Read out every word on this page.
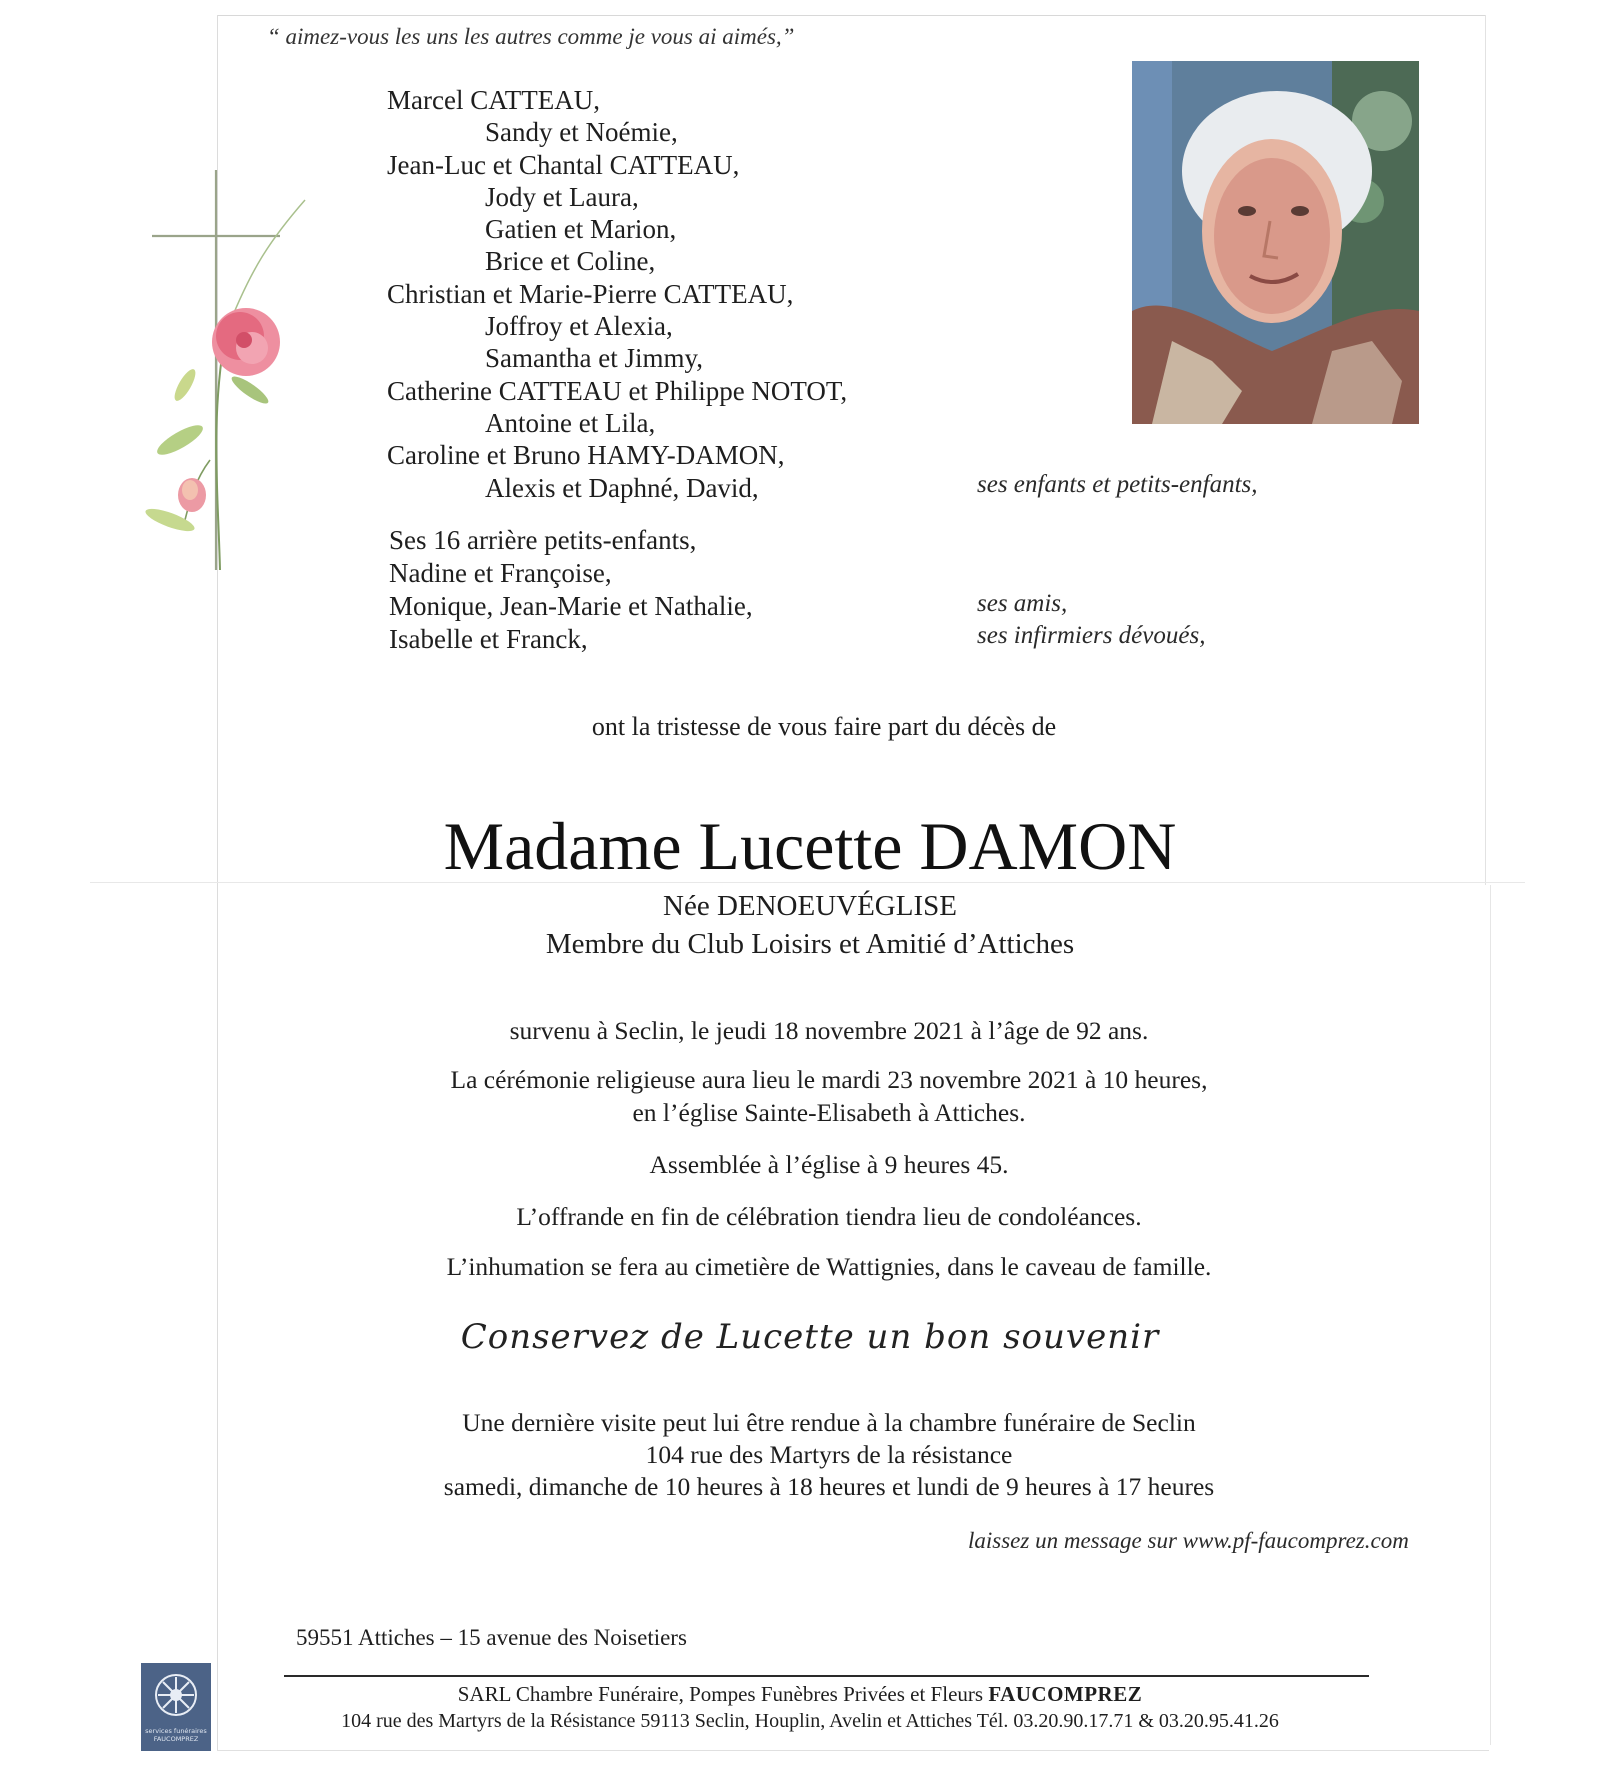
“ aimez-vous les uns les autres comme je vous ai aimés,”
Marcel CATTEAU,
Sandy et Noémie,
Jean-Luc et Chantal CATTEAU,
Jody et Laura,
Gatien et Marion,
Brice et Coline,
Christian et Marie-Pierre CATTEAU,
Joffroy et Alexia,
Samantha et Jimmy,
Catherine CATTEAU et Philippe NOTOT,
Antoine et Lila,
Caroline et Bruno HAMY-DAMON,
Alexis et Daphné, David,	ses enfants et petits-enfants,
Ses 16 arrière petits-enfants,
Nadine et Françoise,
Monique, Jean-Marie et Nathalie,
Isabelle et Franck,
ses amis,
ses infirmiers dévoués,
ont la tristesse de vous faire part du décès de
Madame Lucette DAMON
Née DENOEUVÉGLISE
Membre du Club Loisirs et Amitié d’Attiches
survenu à Seclin, le jeudi 18 novembre 2021 à l’âge de 92 ans.
La cérémonie religieuse aura lieu le mardi 23 novembre 2021 à 10 heures,
en l’église Sainte-Elisabeth à Attiches.
Assemblée à l’église à 9 heures 45.
L’offrande en fin de célébration tiendra lieu de condoléances.
L’inhumation se fera au cimetière de Wattignies, dans le caveau de famille.
Conservez de Lucette un bon souvenir
Une dernière visite peut lui être rendue à la chambre funéraire de Seclin
104 rue des Martyrs de la résistance
samedi, dimanche de 10 heures à 18 heures et lundi de 9 heures à 17 heures
laissez un message sur www.pf-faucomprez.com
59551 Attiches – 15 avenue des Noisetiers
services funéraires
FAUCOMPREZ
SARL Chambre Funéraire, Pompes Funèbres Privées et Fleurs FAUCOMPREZ
104 rue des Martyrs de la Résistance 59113 Seclin, Houplin, Avelin et Attiches Tél. 03.20.90.17.71 & 03.20.95.41.26
